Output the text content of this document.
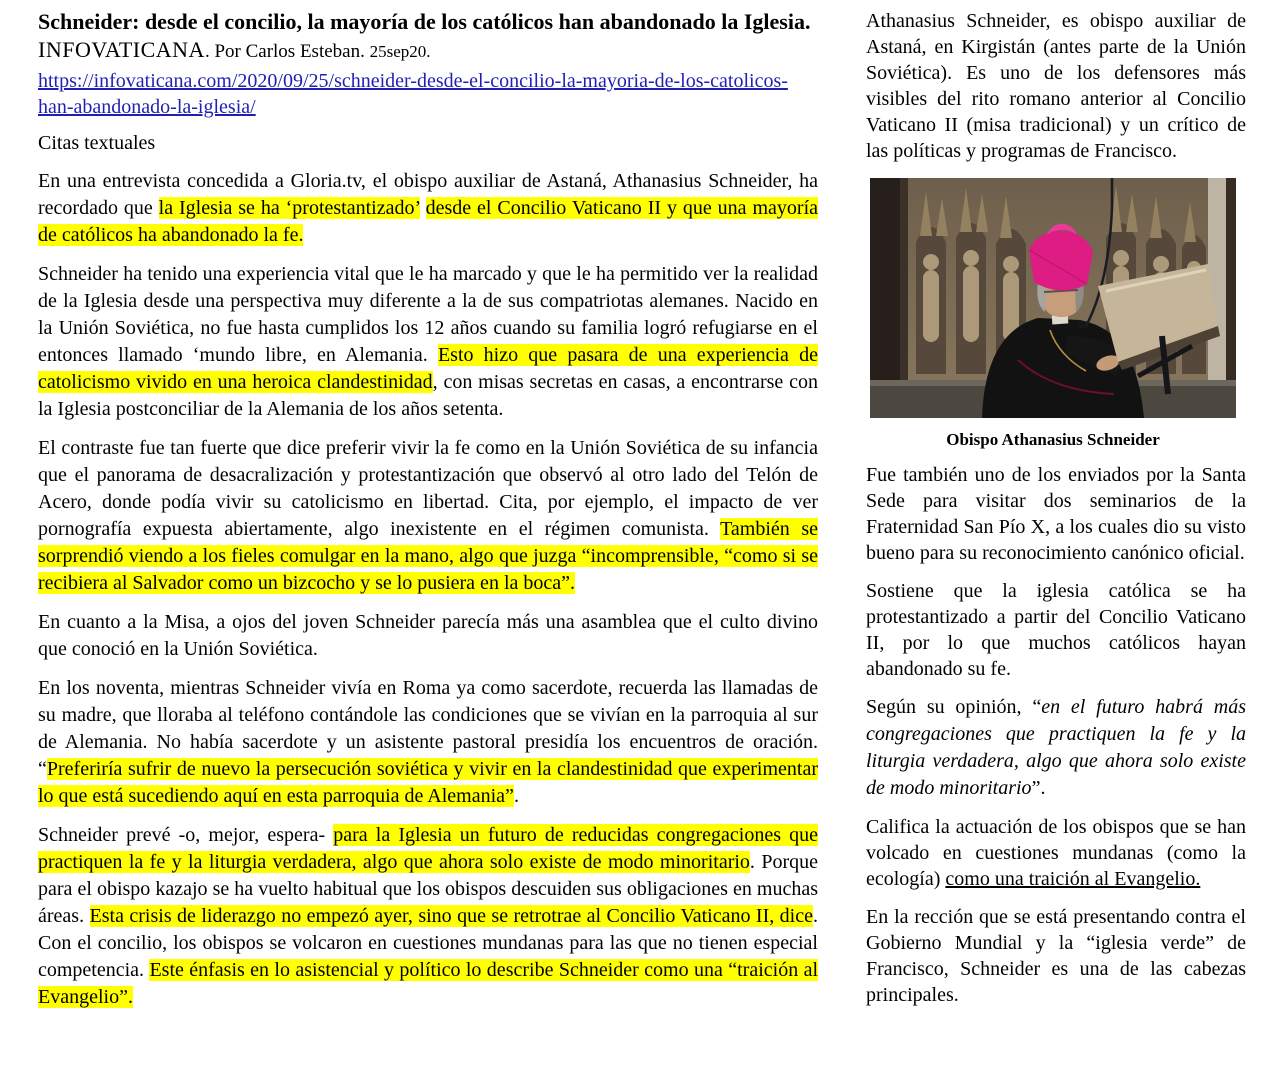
Schneider: desde el concilio, la mayoría de los católicos han abandonado la Iglesia. INFOVATICANA. Por Carlos Esteban. 25sep20.
https://infovaticana.com/2020/09/25/schneider-desde-el-concilio-la-mayoria-de-los-catolicos-han-abandonado-la-iglesia/

Citas textuales

En una entrevista concedida a Gloria.tv, el obispo auxiliar de Astaná, Athanasius Schneider, ha recordado que la Iglesia se ha ‘protestantizado’ desde el Concilio Vaticano II y que una mayoría de católicos ha abandonado la fe.

Schneider ha tenido una experiencia vital que le ha marcado y que le ha permitido ver la realidad de la Iglesia desde una perspectiva muy diferente a la de sus compatriotas alemanes. Nacido en la Unión Soviética, no fue hasta cumplidos los 12 años cuando su familia logró refugiarse en el entonces llamado ‘mundo libre, en Alemania. Esto hizo que pasara de una experiencia de catolicismo vivido en una heroica clandestinidad, con misas secretas en casas, a encontrarse con la Iglesia postconciliar de la Alemania de los años setenta.

El contraste fue tan fuerte que dice preferir vivir la fe como en la Unión Soviética de su infancia que el panorama de desacralización y protestantización que observó al otro lado del Telón de Acero, donde podía vivir su catolicismo en libertad. Cita, por ejemplo, el impacto de ver pornografía expuesta abiertamente, algo inexistente en el régimen comunista. También se sorprendió viendo a los fieles comulgar en la mano, algo que juzga “incomprensible, “como si se recibiera al Salvador como un bizcocho y se lo pusiera en la boca”.

En cuanto a la Misa, a ojos del joven Schneider parecía más una asamblea que el culto divino que conoció en la Unión Soviética.

En los noventa, mientras Schneider vivía en Roma ya como sacerdote, recuerda las llamadas de su madre, que lloraba al teléfono contándole las condiciones que se vivían en la parroquia al sur de Alemania. No había sacerdote y un asistente pastoral presidía los encuentros de oración. “Preferiría sufrir de nuevo la persecución soviética y vivir en la clandestinidad que experimentar lo que está sucediendo aquí en esta parroquia de Alemania”.

Schneider prevé -o, mejor, espera- para la Iglesia un futuro de reducidas congregaciones que practiquen la fe y la liturgia verdadera, algo que ahora solo existe de modo minoritario. Porque para el obispo kazajo se ha vuelto habitual que los obispos descuiden sus obligaciones en muchas áreas. Esta crisis de liderazgo no empezó ayer, sino que se retrotrae al Concilio Vaticano II, dice. Con el concilio, los obispos se volcaron en cuestiones mundanas para las que no tienen especial competencia. Este énfasis en lo asistencial y político lo describe Schneider como una “traición al Evangelio”.

Athanasius Schneider, es obispo auxiliar de Astaná, en Kirgistán (antes parte de la Unión Soviética). Es uno de los defensores más visibles del rito romano anterior al Concilio Vaticano II (misa tradicional) y un crítico de las políticas y programas de Francisco.

Obispo Athanasius Schneider

Fue también uno de los enviados por la Santa Sede para visitar dos seminarios de la Fraternidad San Pío X, a los cuales dio su visto bueno para su reconocimiento canónico oficial.

Sostiene que la iglesia católica se ha protestantizado a partir del Concilio Vaticano II, por lo que muchos católicos hayan abandonado su fe.

Según su opinión, “en el futuro habrá más congregaciones que practiquen la fe y la liturgia verdadera, algo que ahora solo existe de modo minoritario”.

Califica la actuación de los obispos que se han volcado en cuestiones mundanas (como la ecología) como una traición al Evangelio.

En la rección que se está presentando contra el Gobierno Mundial y la “iglesia verde” de Francisco, Schneider es una de las cabezas principales.
